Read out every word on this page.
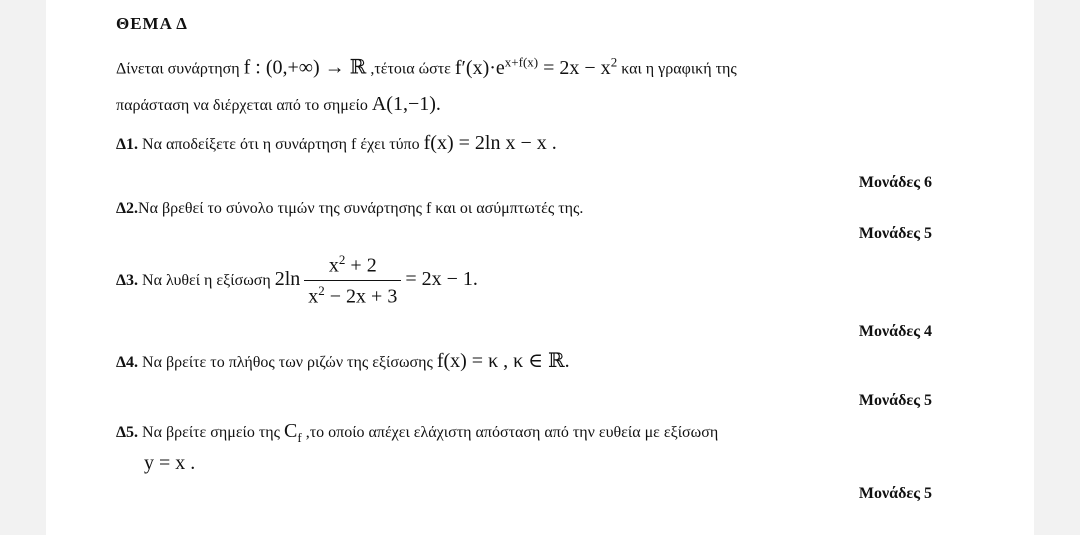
ΘΕΜΑ Δ
Δίνεται συνάρτηση f : (0,+∞) → ℝ ,τέτοια ώστε $f'(x)\cdot e^{x+f(x)} = 2x - x^2$ και η γραφική της
παράσταση να διέρχεται από το σημείο A(1,−1).
Δ1. Να αποδείξετε ότι η συνάρτηση f έχει τύπο f(x) = 2ln x − x .
Μονάδες 6
Δ2.Να βρεθεί το σύνολο τιμών της συνάρτησης f και οι ασύμπτωτές της.
Μονάδες 5
Δ3. Να λυθεί η εξίσωση $2\ln \frac{x^2 + 2}{x^2 - 2x + 3} = 2x - 1$.
Μονάδες 4
Δ4. Να βρείτε το πλήθος των ριζών της εξίσωσης f(x) = κ , κ ∈ ℝ.
Μονάδες 5
Δ5. Να βρείτε σημείο της $C_f$ ,το οποίο απέχει ελάχιστη απόσταση από την ευθεία με εξίσωση
y = x .
Μονάδες 5
